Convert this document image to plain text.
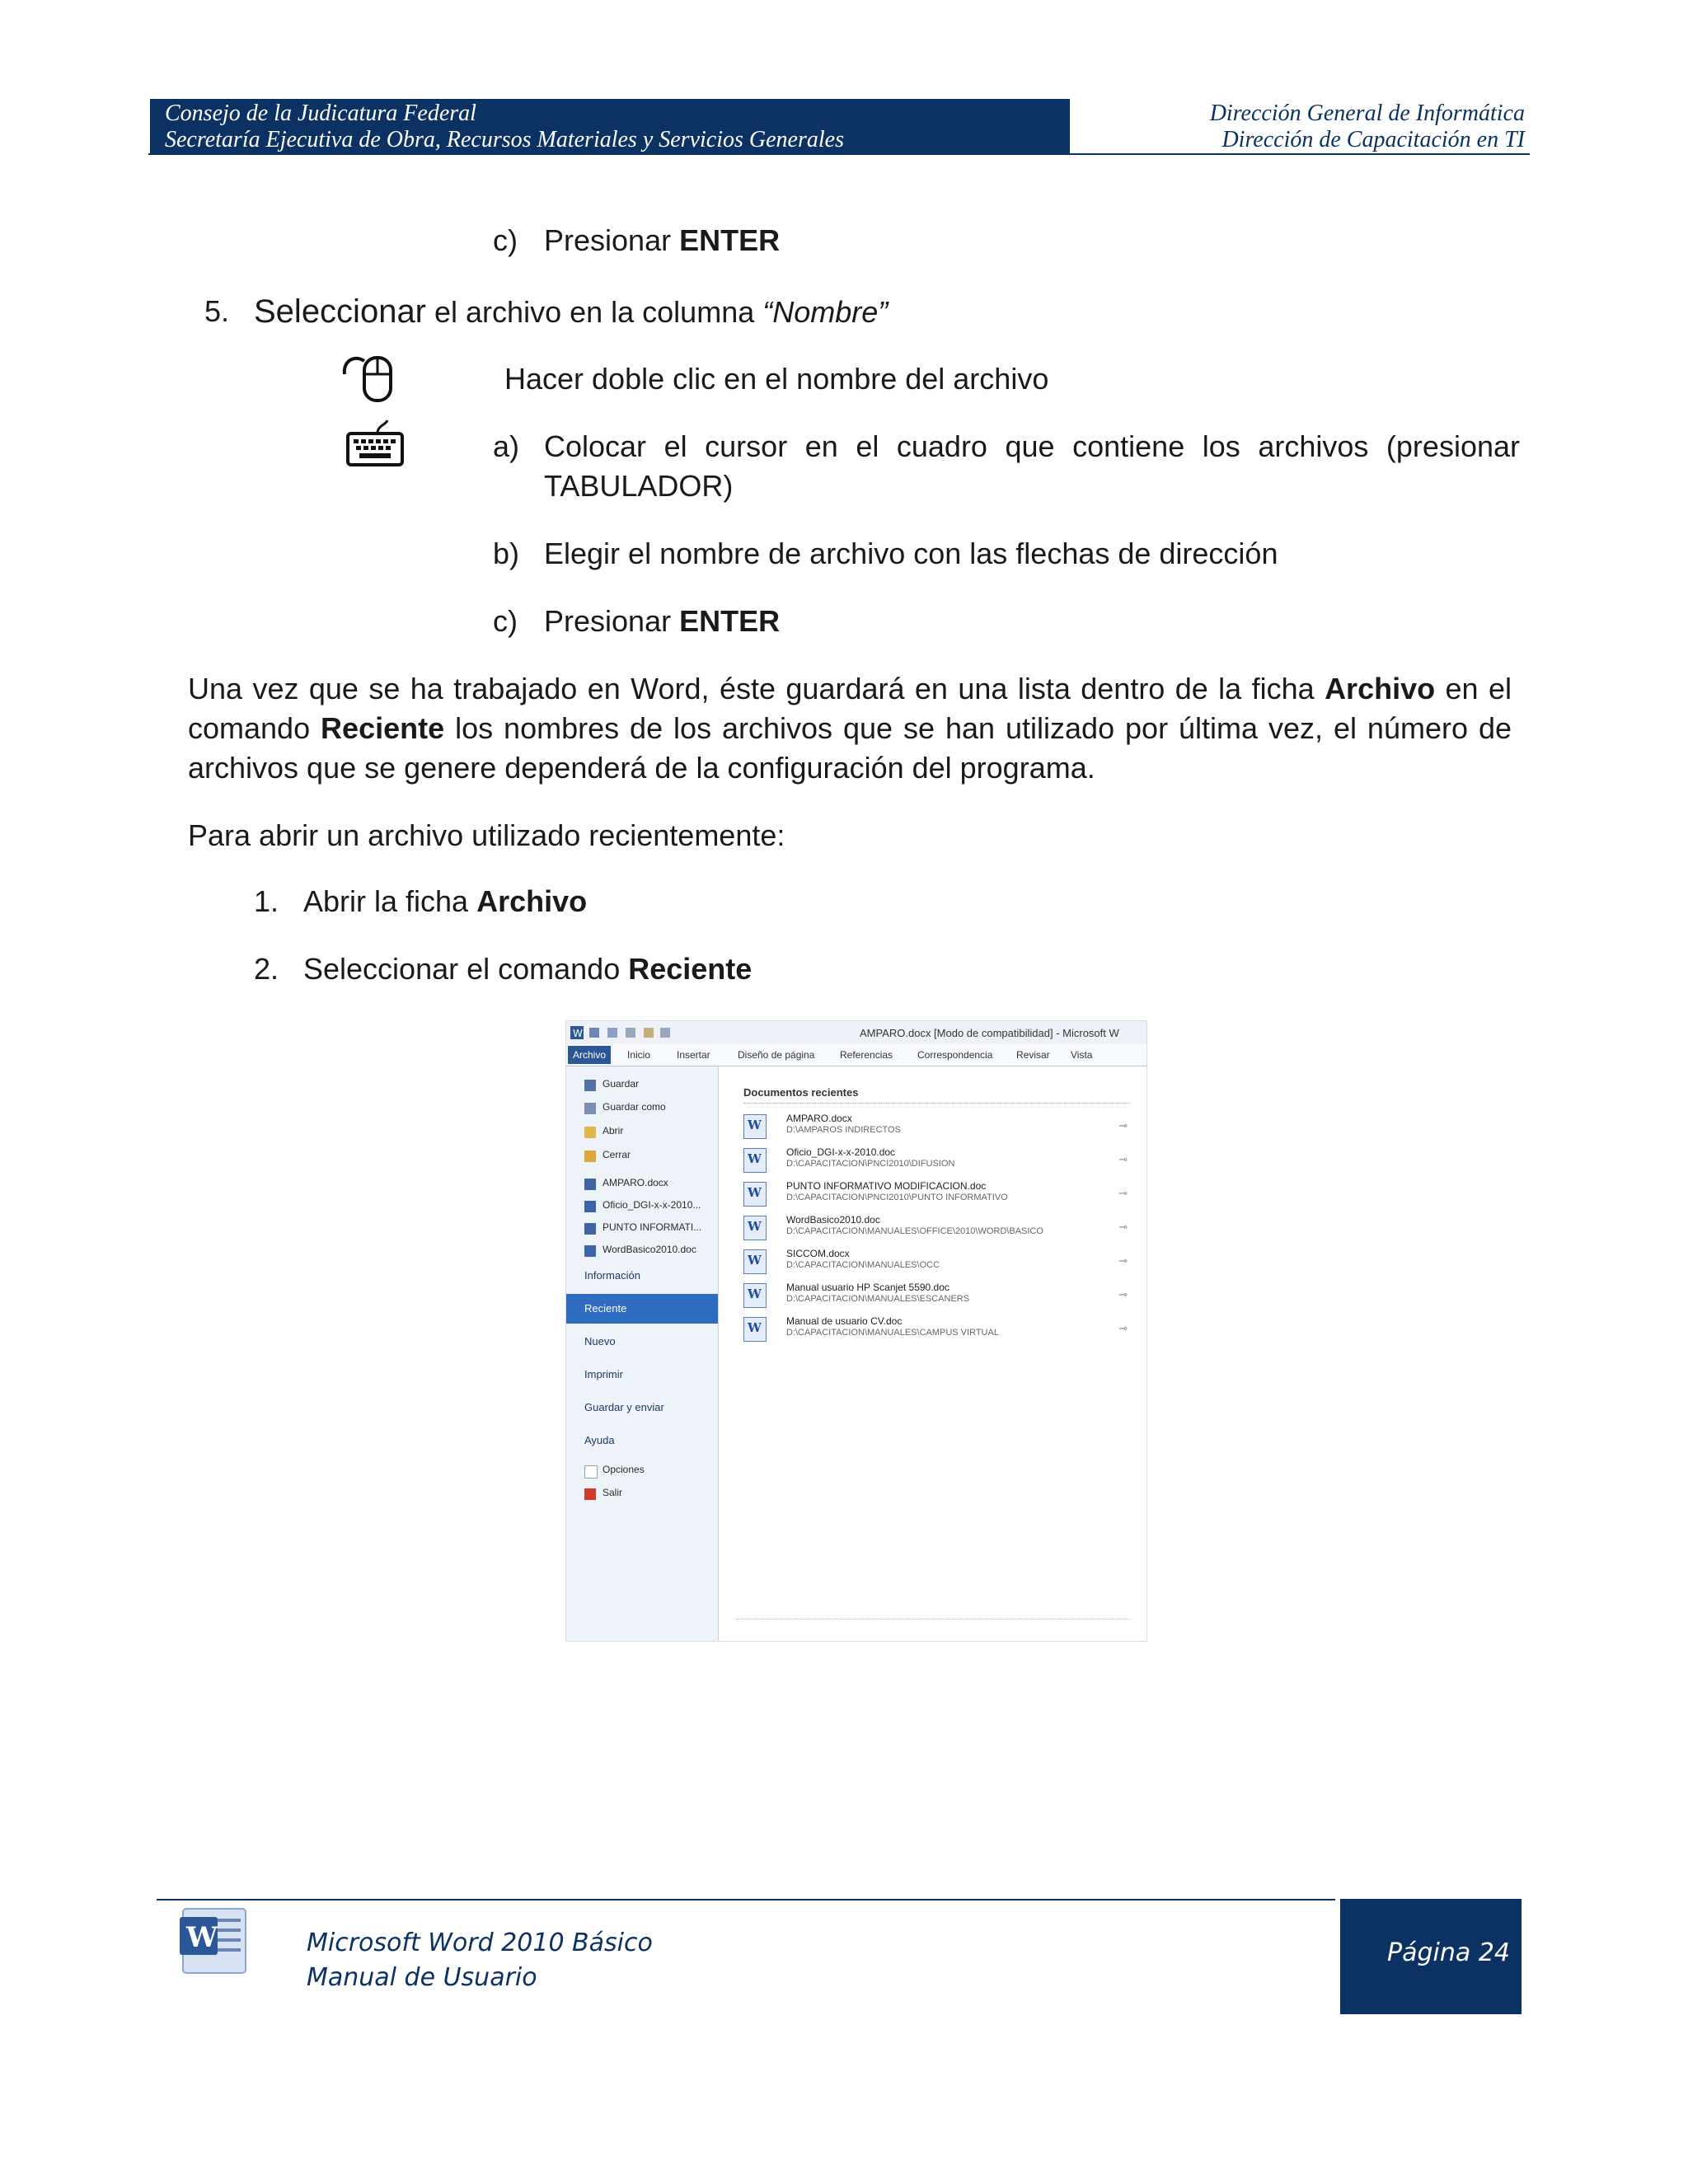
Consejo de la Judicatura Federal
Secretaría Ejecutiva de Obra, Recursos Materiales y Servicios Generales
Dirección General de Informática
Dirección de Capacitación en TI
c) Presionar ENTER
5. Seleccionar el archivo en la columna “Nombre”
Hacer doble clic en el nombre del archivo
a) Colocar el cursor en el cuadro que contiene los archivos (presionar
TABULADOR)
b) Elegir el nombre de archivo con las flechas de dirección
c) Presionar ENTER
Una vez que se ha trabajado en Word, éste guardará en una lista dentro de la ficha Archivo en el
comando Reciente los nombres de los archivos que se han utilizado por última vez, el número de
archivos que se genere dependerá de la configuración del programa.
Para abrir un archivo utilizado recientemente:
1. Abrir la ficha Archivo
2. Seleccionar el comando Reciente
W	AMPARO.docx [Modo de compatibilidad] - Microsoft W
Archivo	Inicio	Insertar	Diseño de página	Referencias Correspondencia Revisar Vista
Guardar
Guardar como
Abrir
Cerrar
AMPARO.docx
Oficio_DGI-x-x-2010...
PUNTO INFORMATI...
WordBasico2010.doc
Información
Reciente
Nuevo
Imprimir
Guardar y enviar
Ayuda
Opciones
Salir
Documentos recientes
W
AMPARO.docx
D:\AMPAROS INDIRECTOS	⊸
W
Oficio_DGI-x-x-2010.doc
D:\CAPACITACION\PNCI2010\DIFUSION	⊸
W
PUNTO INFORMATIVO MODIFICACION.doc
D:\CAPACITACION\PNCI2010\PUNTO INFORMATIVO	⊸
W
WordBasico2010.doc
D:\CAPACITACION\MANUALES\OFFICE\2010\WORD\BASICO	⊸
W
SICCOM.docx
D:\CAPACITACION\MANUALES\OCC	⊸
W
Manual usuario HP Scanjet 5590.doc
D:\CAPACITACION\MANUALES\ESCANERS	⊸
W
Manual de usuario CV.doc
D:\CAPACITACION\MANUALES\CAMPUS VIRTUAL	⊸
W	Microsoft Word 2010 Básico
Manual de Usuario
Página 24
